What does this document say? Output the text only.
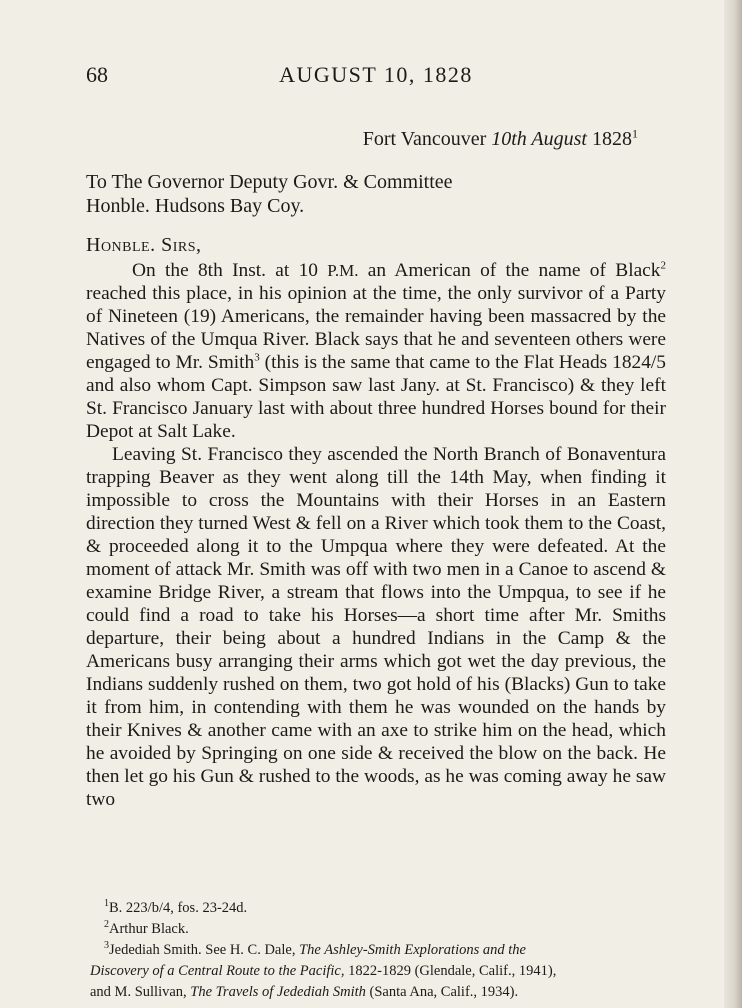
68	AUGUST 10, 1828
Fort Vancouver 10th August 1828$^1$
To The Governor Deputy Govr. & Committee
Honble. Hudsons Bay Coy.
Honble. Sirs,

On the 8th Inst. at 10 P.M. an American of the name of Black$^2$ reached this place, in his opinion at the time, the only survivor of a Party of Nineteen (19) Americans, the remainder having been massacred by the Natives of the Umqua River. Black says that he and seventeen others were engaged to Mr. Smith$^3$ (this is the same that came to the Flat Heads 1824/5 and also whom Capt. Simpson saw last Jany. at St. Francisco) & they left St. Francisco January last with about three hundred Horses bound for their Depot at Salt Lake.

Leaving St. Francisco they ascended the North Branch of Bonaventura trapping Beaver as they went along till the 14th May, when finding it impossible to cross the Mountains with their Horses in an Eastern direction they turned West & fell on a River which took them to the Coast, & proceeded along it to the Umpqua where they were defeated. At the moment of attack Mr. Smith was off with two men in a Canoe to ascend & examine Bridge River, a stream that flows into the Umpqua, to see if he could find a road to take his Horses—a short time after Mr. Smiths departure, their being about a hundred Indians in the Camp & the Americans busy arranging their arms which got wet the day previous, the Indians suddenly rushed on them, two got hold of his (Blacks) Gun to take it from him, in contending with them he was wounded on the hands by their Knives & another came with an axe to strike him on the head, which he avoided by Springing on one side & received the blow on the back. He then let go his Gun & rushed to the woods, as he was coming away he saw two

$^1$B. 223/b/4, fos. 23-24d.
$^2$Arthur Black.
$^3$Jedediah Smith. See H. C. Dale, The Ashley-Smith Explorations and the
Discovery of a Central Route to the Pacific, 1822-1829 (Glendale, Calif., 1941),
and M. Sullivan, The Travels of Jedediah Smith (Santa Ana, Calif., 1934).
